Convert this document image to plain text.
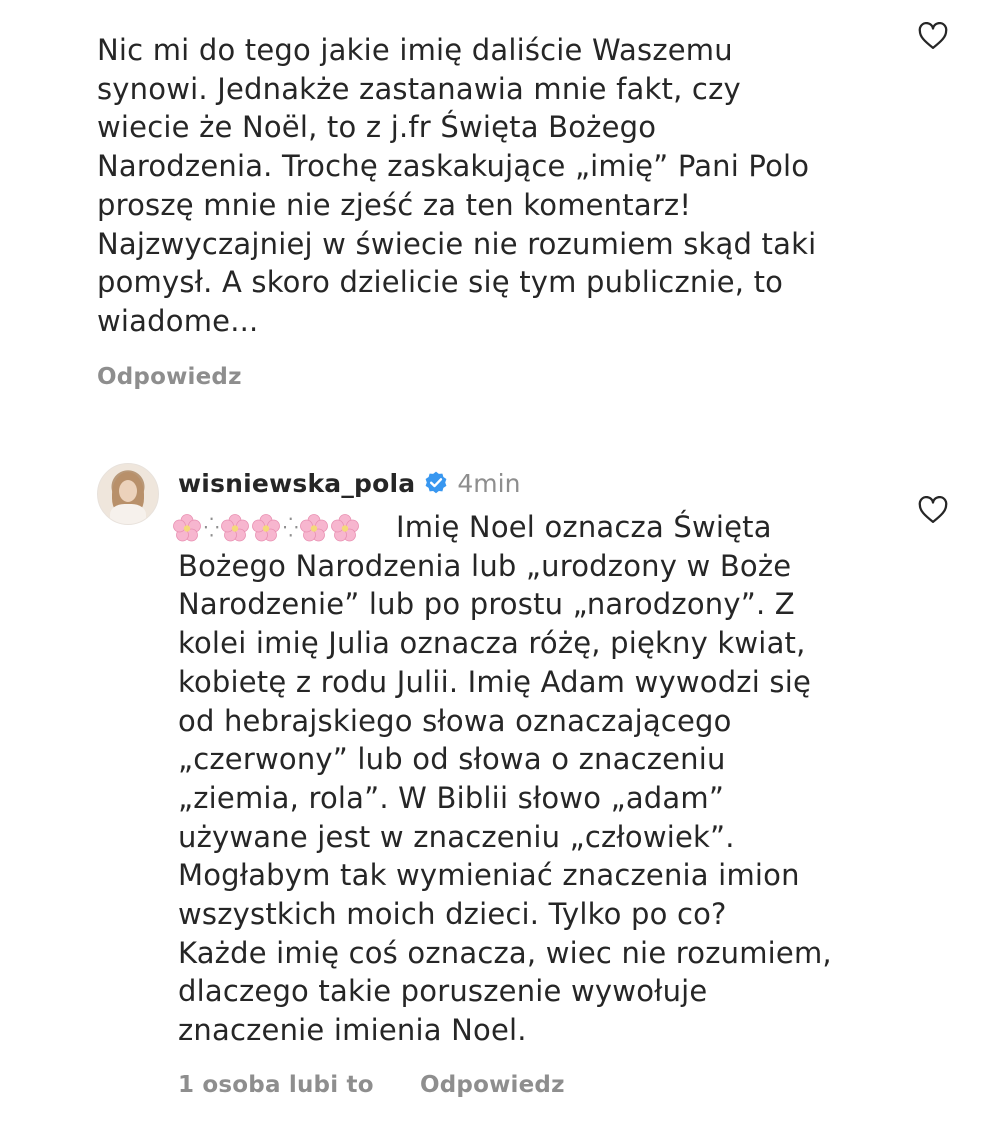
Nic mi do tego jakie imię daliście Waszemu
synowi. Jednakże zastanawia mnie fakt, czy
wiecie że Noël, to z j.fr Święta Bożego
Narodzenia. Trochę zaskakujące „imię” Pani Polo
proszę mnie nie zjeść za ten komentarz!
Najzwyczajniej w świecie nie rozumiem skąd taki
pomysł. A skoro dzielicie się tym publicznie, to
wiadome...
Odpowiedz
wisniewska_pola 4min
⁛	⁛	Imię Noel oznacza Święta
Bożego Narodzenia lub „urodzony w Boże
Narodzenie” lub po prostu „narodzony”. Z
kolei imię Julia oznacza różę, piękny kwiat,
kobietę z rodu Julii. Imię Adam wywodzi się
od hebrajskiego słowa oznaczającego
„czerwony” lub od słowa o znaczeniu
„ziemia, rola”. W Biblii słowo „adam”
używane jest w znaczeniu „człowiek”.
Mogłabym tak wymieniać znaczenia imion
wszystkich moich dzieci. Tylko po co?
Każde imię coś oznacza, wiec nie rozumiem,
dlaczego takie poruszenie wywołuje
znaczenie imienia Noel.
1 osoba lubi to Odpowiedz
